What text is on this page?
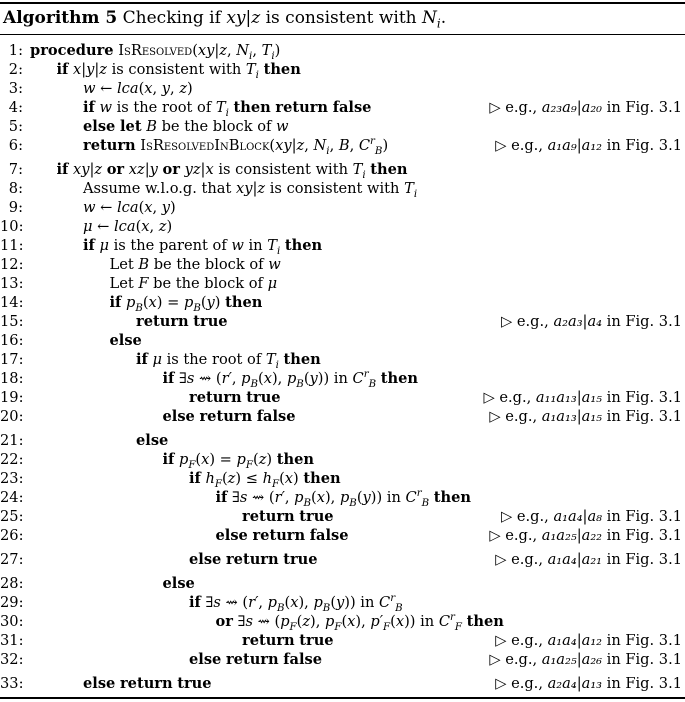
Algorithm 5 Checking if xy|z is consistent with $N_i$.
1: procedure IsResolved(xy|z, $N_i$, $T_i$)
2: if x|y|z is consistent with $T_i$ then
3:	w ← lca(x, y, z)
4:	if w is the root of $T_i$ then return false	▷ e.g., a₂₃a₉|a₂₀ in Fig. 3.1
5:	else let B be the block of w
6:	return IsResolvedInBlock(xy|z, $N_i$, B, $C^r_B$)	▷ e.g., a₁a₉|a₁₂ in Fig. 3.1
7: if xy|z or xz|y or yz|x is consistent with $T_i$ then
8:	Assume w.l.o.g. that xy|z is consistent with $T_i$
9:	w ← lca(x, y)
10:	μ ← lca(x, z)
11:	if μ is the parent of w in $T_i$ then
12:	Let B be the block of w
13:	Let F be the block of μ
14:	if $p_B(x) = p_B(y)$ then
15:	return true	▷ e.g., a₂a₃|a₄ in Fig. 3.1
16:	else
17:	if μ is the root of $T_i$ then
18:	if ∃s ⇝ (r′, $p_B(x)$, $p_B(y)$) in $C^r_B$ then
19:	return true	▷ e.g., a₁₁a₁₃|a₁₅ in Fig. 3.1
20:	else return false	▷ e.g., a₁a₁₃|a₁₅ in Fig. 3.1
21:	else
22:	if $p_F(x) = p_F(z)$ then
23:	if $h_F(z) \le h_F(x)$ then
24:	if ∃s ⇝ (r′, $p_B(x)$, $p_B(y)$) in $C^r_B$ then
25:	return true	▷ e.g., a₁a₄|a₈ in Fig. 3.1
26:	else return false	▷ e.g., a₁a₂₅|a₂₂ in Fig. 3.1
27:	else return true	▷ e.g., a₁a₄|a₂₁ in Fig. 3.1
28:	else
29:	if ∃s ⇝ (r′, $p_B(x)$, $p_B(y)$) in $C^r_B$
30:	or ∃s ⇝ ($p_F(z)$, $p_F(x)$, $p'_F(x)$) in $C^r_F$ then
31:	return true	▷ e.g., a₁a₄|a₁₂ in Fig. 3.1
32:	else return false	▷ e.g., a₁a₂₅|a₂₆ in Fig. 3.1
33:	else return true	▷ e.g., a₂a₄|a₁₃ in Fig. 3.1
